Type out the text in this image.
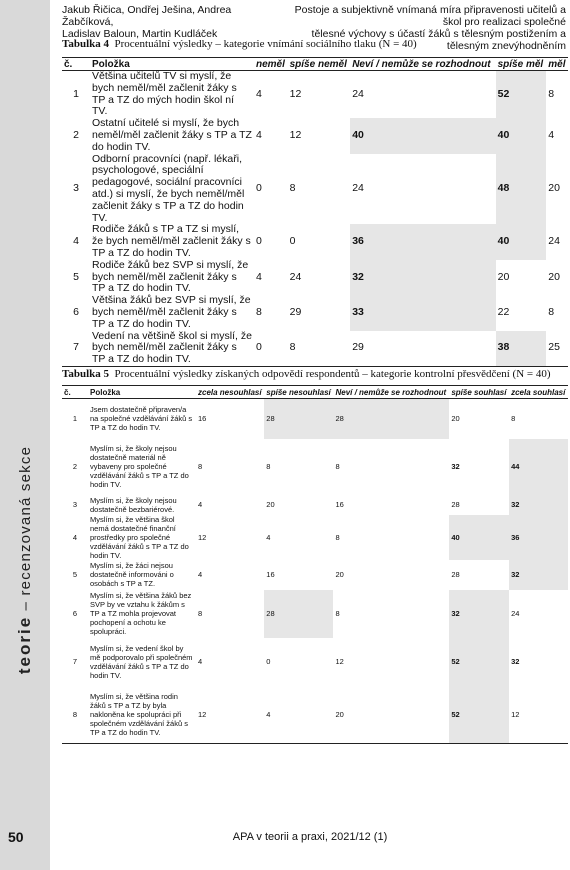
teorie – recenzovaná sekce
50
Jakub Řičica, Ondřej Ješina, Andrea Žabčíková,
Ladislav Baloun, Martin Kudláček
Postoje a subjektivně vnímaná míra připravenosti učitelů a škol pro realizaci společné
tělesné výchovy s účastí žáků s tělesným postižením a tělesným znevýhodněním
Tabulka 4 Procentuální výsledky – kategorie vnímání sociálního tlaku (N = 40)
č.	Položka	neměl	spíše neměl	Neví / nemůže se rozhodnout	spíše měl	měl
1	Většina učitelů TV si myslí, že bych neměl/měl začlenit žáky s TP a TZ do mých hodin škol ní TV.	4	12	24	52	8
2	Ostatní učitelé si myslí, že bych neměl/měl začlenit žáky s TP a TZ do hodin TV.	4	12	40	40	4
3	Odborní pracovníci (např. lékaři, psychologové, speciální pedagogové, sociální pracovníci atd.) si myslí, že bych neměl/měl začlenit žáky s TP a TZ do hodin TV.	0	8	24	48	20
4	Rodiče žáků s TP a TZ si myslí, že bych neměl/měl začlenit žáky s TP a TZ do hodin TV.	0	0	36	40	24
5	Rodiče žáků bez SVP si myslí, že bych neměl/měl začlenit žáky s TP a TZ do hodin TV.	4	24	32	20	20
6	Většina žáků bez SVP si myslí, že bych neměl/měl začlenit žáky s TP a TZ do hodin TV.	8	29	33	22	8
7	Vedení na většině škol si myslí, že bych neměl/měl začlenit žáky s TP a TZ do hodin TV.	0	8	29	38	25
Tabulka 5 Procentuální výsledky získaných odpovědí respondentů – kategorie kontrolní přesvědčení (N = 40)
č.	Položka	zcela nesouhlasí	spíše nesouhlasí	Neví / nemůže se rozhodnout	spíše souhlasí	zcela souhlasí
1	Jsem dostatečně připraven/a na společné vzdělávání žáků s TP a TZ do hodin TV.	16	28	28	20	8
2	Myslím si, že školy nejsou dostatečně materiál ně vybaveny pro společné vzdělávání žáků s TP a TZ do hodin TV.	8	8	8	32	44
3	Myslím si, že školy nejsou dostatečně bezbariérové.	4	20	16	28	32
4	Myslím si, že většina škol nemá dostatečné finanční prostředky pro společné vzdělávání žáků s TP a TZ do hodin TV.	12	4	8	40	36
5	Myslím si, že žáci nejsou dostatečně informováni o osobách s TP a TZ.	4	16	20	28	32
6	Myslím si, že většina žáků bez SVP by ve vztahu k žákům s TP a TZ mohla projevovat pochopení a ochotu ke spolupráci.	8	28	8	32	24
7	Myslím si, že vedení škol by mě podporovalo při společném vzdělávání žáků s TP a TZ do hodin TV.	4	0	12	52	32
8	Myslím si, že většina rodin žáků s TP a TZ by byla nakloněna ke spolupráci při společném vzdělávání žáků s TP a TZ do hodin TV.	12	4	20	52	12
APA v teorii a praxi, 2021/12 (1)
